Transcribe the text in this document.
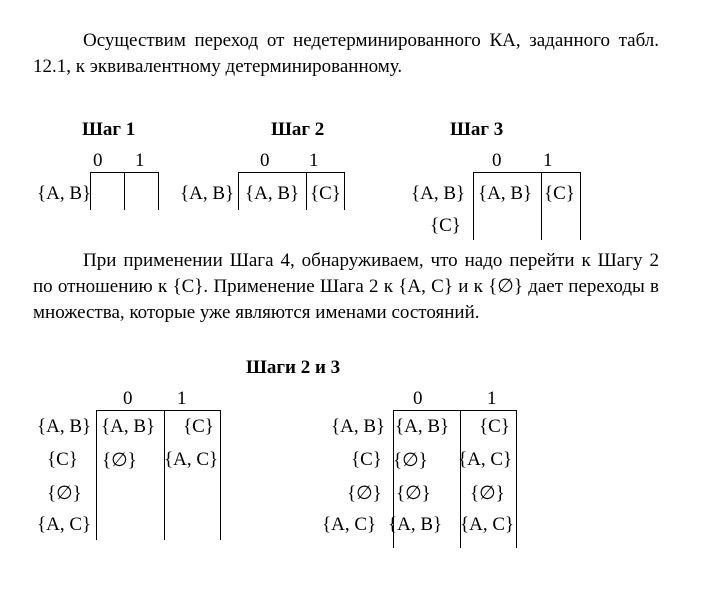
Осуществим переход от недетерминированного КА, заданного табл. 12.1, к эквивалентному детерминированному.
Шаг 1	Шаг 2	Шаг 3
0 1
{A, B}
0 1
{A, B} {A, B} {C}
0 1
{A, B} {A, B} {C}
{C}
При применении Шага 4, обнаруживаем, что надо перейти к Шагу 2 по отношению к {C}. Применение Шага 2 к {A, C} и к {∅} дает переходы в множества, которые уже являются именами состояний.
Шаги 2 и 3
0 1
{A, B} {A, B} {C}
{C} {∅} {A, C}
{∅}
{A, C}
0	1
{A, B} {A, B} {C}
{C} {∅} {A, C}
{∅} {∅} {∅}
{A, C} {A, B} {A, C}
